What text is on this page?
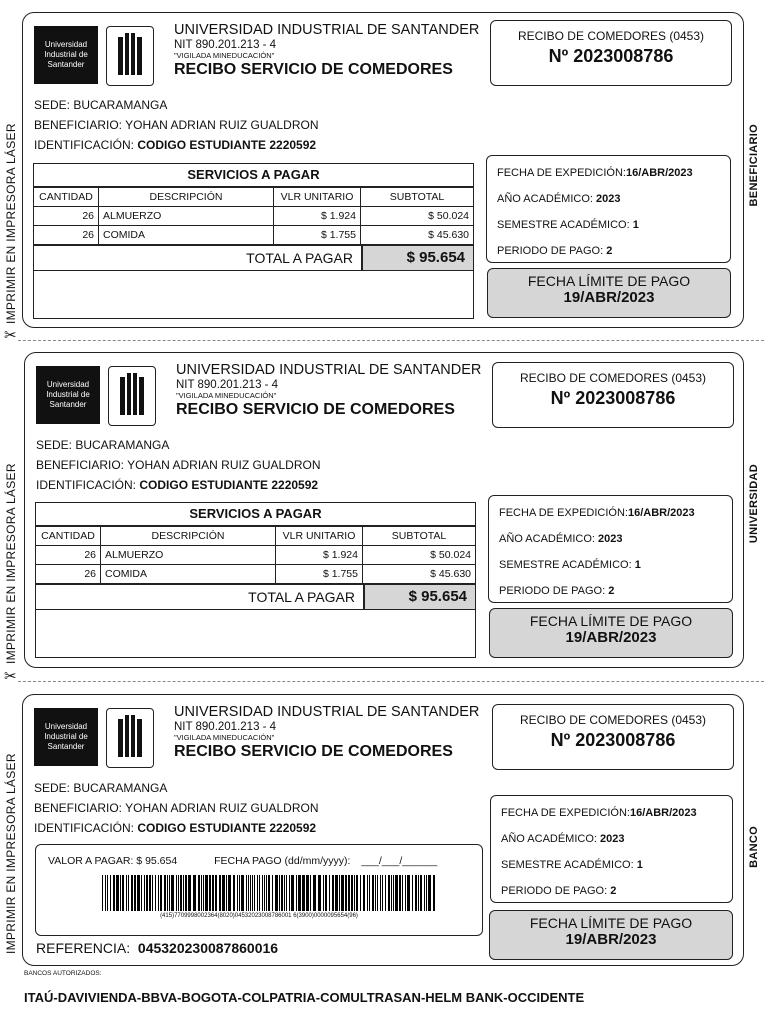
IMPRIMIR EN IMPRESORA LÁSER
Universidad
Industrial de
Santander
UNIVERSIDAD INDUSTRIAL DE SANTANDER
NIT 890.201.213 - 4
"VIGILADA MINEDUCACIÓN"
RECIBO SERVICIO DE COMEDORES
RECIBO DE COMEDORES (0453)
Nº 2023008786
SEDE: BUCARAMANGA
BENEFICIARIO: YOHAN ADRIAN RUIZ GUALDRON
IDENTIFICACIÓN: CODIGO ESTUDIANTE 2220592
SERVICIOS A PAGAR
CANTIDAD	DESCRIPCIÓN	VLR UNITARIO	SUBTOTAL
26	ALMUERZO	$ 1.924	$ 50.024
26	COMIDA	$ 1.755	$ 45.630
TOTAL A PAGAR	$ 95.654
FECHA DE EXPEDICIÓN:16/ABR/2023
AÑO ACADÉMICO: 2023
SEMESTRE ACADÉMICO: 1
PERIODO DE PAGO: 2
FECHA LÍMITE DE PAGO
19/ABR/2023
BENEFICIARIO
✂
IMPRIMIR EN IMPRESORA LÁSER
Universidad
Industrial de
Santander
UNIVERSIDAD INDUSTRIAL DE SANTANDER
NIT 890.201.213 - 4
"VIGILADA MINEDUCACIÓN"
RECIBO SERVICIO DE COMEDORES
RECIBO DE COMEDORES (0453)
Nº 2023008786
SEDE: BUCARAMANGA
BENEFICIARIO: YOHAN ADRIAN RUIZ GUALDRON
IDENTIFICACIÓN: CODIGO ESTUDIANTE 2220592
SERVICIOS A PAGAR
CANTIDAD	DESCRIPCIÓN	VLR UNITARIO	SUBTOTAL
26	ALMUERZO	$ 1.924	$ 50.024
26	COMIDA	$ 1.755	$ 45.630
TOTAL A PAGAR	$ 95.654
FECHA DE EXPEDICIÓN:16/ABR/2023
AÑO ACADÉMICO: 2023
SEMESTRE ACADÉMICO: 1
PERIODO DE PAGO: 2
FECHA LÍMITE DE PAGO
19/ABR/2023
UNIVERSIDAD
✂
IMPRIMIR EN IMPRESORA LÁSER
Universidad
Industrial de
Santander
UNIVERSIDAD INDUSTRIAL DE SANTANDER
NIT 890.201.213 - 4
"VIGILADA MINEDUCACIÓN"
RECIBO SERVICIO DE COMEDORES
RECIBO DE COMEDORES (0453)
Nº 2023008786
SEDE: BUCARAMANGA
BENEFICIARIO: YOHAN ADRIAN RUIZ GUALDRON
IDENTIFICACIÓN: CODIGO ESTUDIANTE 2220592
VALOR A PAGAR: $ 95.654	FECHA PAGO (dd/mm/yyyy): ___/___/______
(415)7709998002364(8020)04532023008786001 6(3900)0000095654(96)
REFERENCIA: 045320230087860016
FECHA DE EXPEDICIÓN:16/ABR/2023
AÑO ACADÉMICO: 2023
SEMESTRE ACADÉMICO: 1
PERIODO DE PAGO: 2
FECHA LÍMITE DE PAGO
19/ABR/2023
BANCO
BANCOS AUTORIZADOS:
ITAÚ-DAVIVIENDA-BBVA-BOGOTA-COLPATRIA-COMULTRASAN-HELM BANK-OCCIDENTE
